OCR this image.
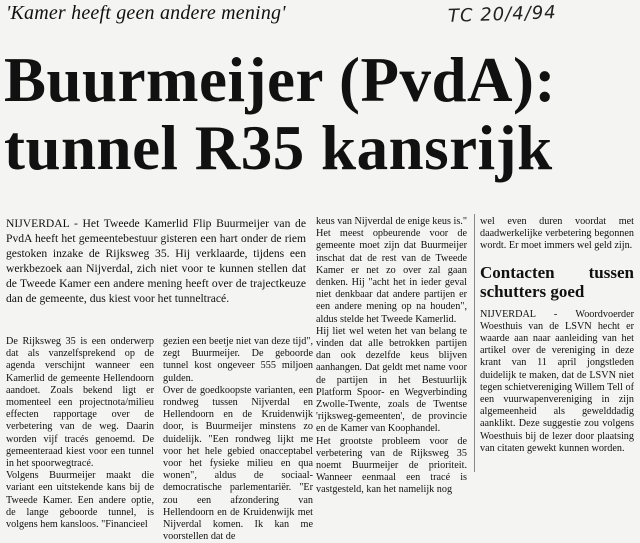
'Kamer heeft geen andere mening'	TC 20/4/94
Buurmeijer (PvdA):
tunnel R35 kansrijk
NIJVERDAL - Het Tweede Kamerlid Flip Buurmeijer van de PvdA heeft het gemeentebestuur gisteren een hart onder de riem gestoken inzake de Rijksweg 35. Hij verklaarde, tijdens een werkbezoek aan Nijverdal, zich niet voor te kunnen stellen dat de Tweede Kamer een andere mening heeft over de trajectkeuze dan de gemeente, dus kiest voor het tunneltracé.

De Rijksweg 35 is een onderwerp dat als vanzelfsprekend op de agenda verschijnt wanneer een Kamerlid de gemeente Hellendoorn aandoet. Zoals bekend ligt er momenteel een projectnota/milieu effecten rapportage over de verbetering van de weg. Daarin worden vijf tracés genoemd. De gemeenteraad kiest voor een tunnel in het spoorwegtracé.

Volgens Buurmeijer maakt die variant een uitstekende kans bij de Tweede Kamer. Een andere optie, de lange geboorde tunnel, is volgens hem kansloos. "Financieel

gezien een beetje niet van deze tijd", zegt Buurmeijer. De geboorde tunnel kost ongeveer 555 miljoen gulden.

Over de goedkoopste varianten, een rondweg tussen Nijverdal en Hellendoorn en de Kruidenwijk door, is Buurmeijer minstens zo duidelijk. "Een rondweg lijkt me voor het hele gebied onacceptabel voor het fysieke milieu en qua wonen", aldus de sociaal-democratische parlementariër. "Er zou een afzondering van Hellendoorn en de Kruidenwijk met Nijverdal komen. Ik kan me voorstellen dat de

keus van Nijverdal de enige keus is."

Het meest opbeurende voor de gemeente moet zijn dat Buurmeijer inschat dat de rest van de Tweede Kamer er net zo over zal gaan denken. Hij "acht het in ieder geval niet denkbaar dat andere partijen er een andere mening op na houden", aldus stelde het Tweede Kamerlid.

Hij liet wel weten het van belang te vinden dat alle betrokken partijen dan ook dezelfde keus blijven aanhangen. Dat geldt met name voor de partijen in het Bestuurlijk Platform Spoor- en Wegverbinding Zwolle-Twente, zoals de Twentse 'rijksweg-gemeenten', de provincie en de Kamer van Koophandel.

Het grootste probleem voor de verbetering van de Rijksweg 35 noemt Buurmeijer de prioriteit. Wanneer eenmaal een tracé is vastgesteld, kan het namelijk nog

wel even duren voordat met daadwerkelijke verbetering begonnen wordt. Er moet immers wel geld zijn.

Contacten tussen schutters goed

NIJVERDAL - Woordvoerder Woesthuis van de LSVN hecht er waarde aan naar aanleiding van het artikel over de vereniging in deze krant van 11 april jongstleden duidelijk te maken, dat de LSVN niet tegen schietvereniging Willem Tell of een vuurwapenvereniging in zijn algemeenheid als gewelddadig aanklikt. Deze suggestie zou volgens Woesthuis bij de lezer door plaatsing van citaten gewekt kunnen worden.
